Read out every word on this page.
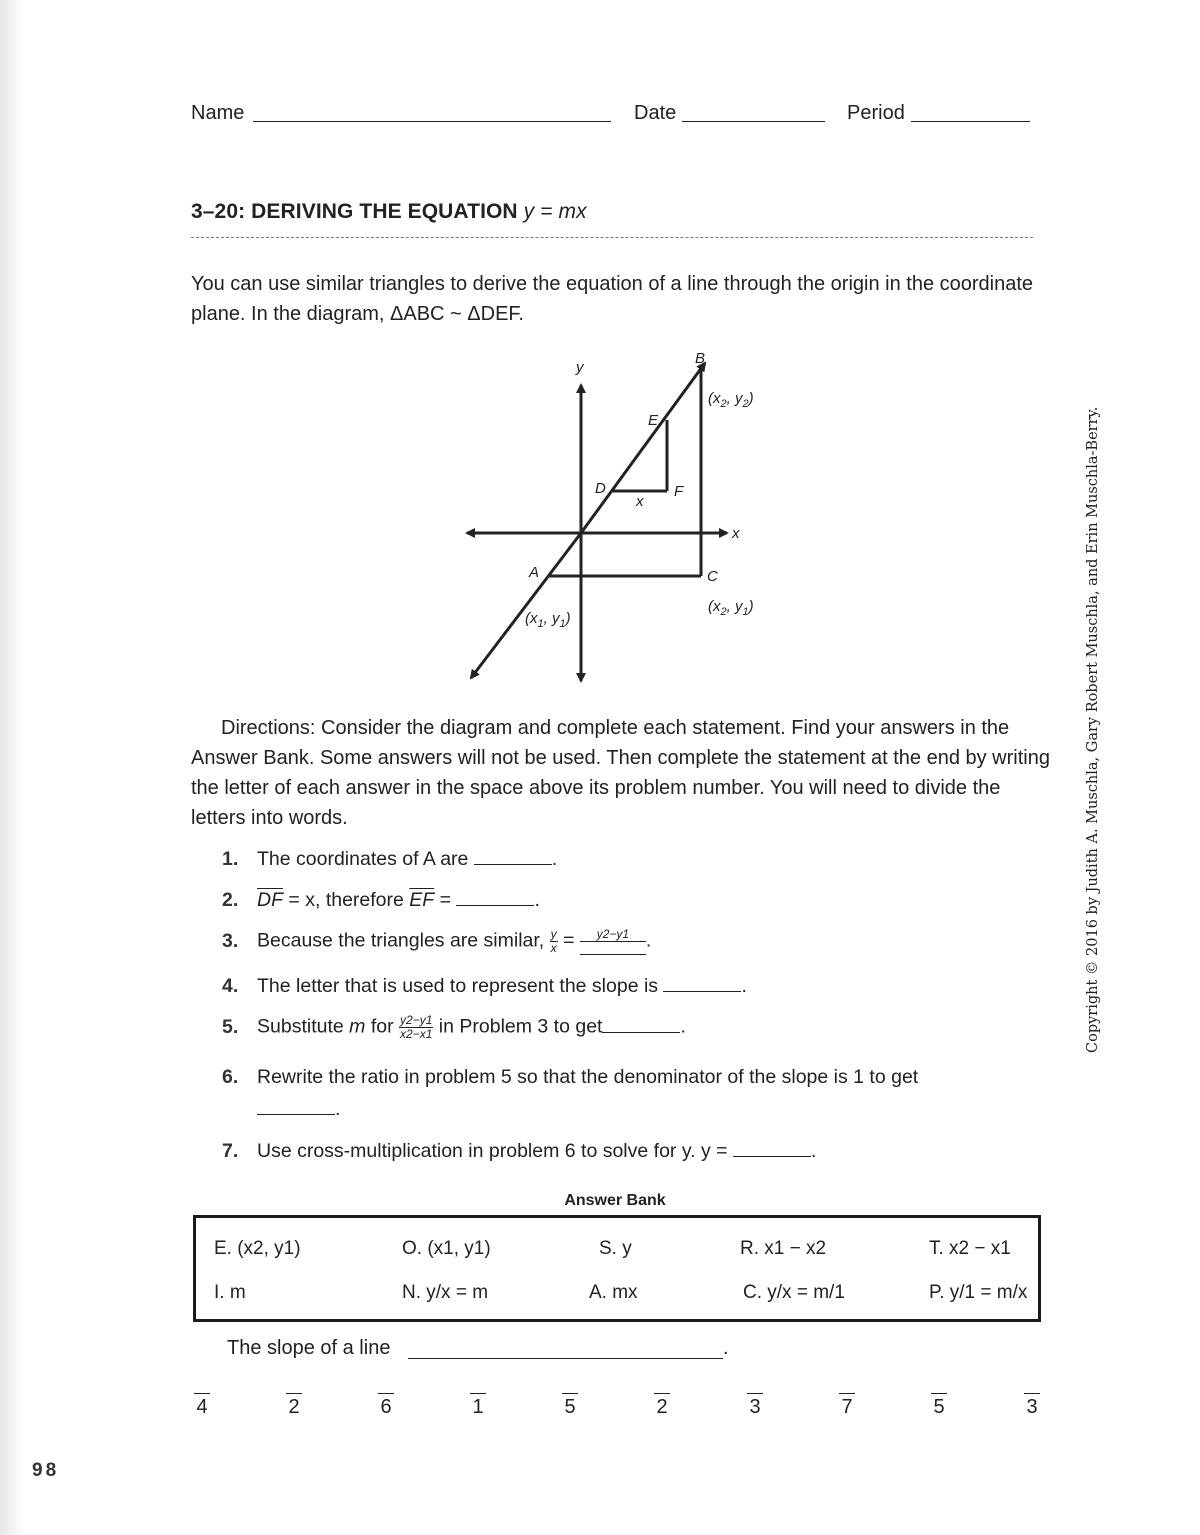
Name	Date	Period
3–20: DERIVING THE EQUATION y = mx
You can use similar triangles to derive the equation of a line through the origin in the coordinate plane. In the diagram, ΔABC ~ ΔDEF.
y
x
B
E
D	F
x
A	C
($x_2$, $y_2$)
($x_2$, $y_1$)
($x_1$, $y_1$)
Directions: Consider the diagram and complete each statement. Find your answers in the Answer Bank. Some answers will not be used. Then complete the statement at the end by writing the letter of each answer in the space above its problem number. You will need to divide the letters into words.
1. The coordinates of A are	.
2. $\overline{DF} = x$, therefore $\overline{EF}$ =	.
3. Because the triangles are similar, $\frac{y}{x}$ =	y2−y1 .
4. The letter that is used to represent the slope is	.
5. Substitute m for $\frac{y2-y1}{x2-x1}$ in Problem 3 to get	.
6. Rewrite the ratio in problem 5 so that the denominator of the slope is 1 to get
.
7. Use cross-multiplication in problem 6 to solve for y. y =	.
Answer Bank
E. (x2, y1)	O. (x1, y1)	S. y	R. x1 − x2	T. x2 − x1
I. m	N. y/x = m	A. mx	C. y/x = m/1	P. y/1 = m/x
The slope of a line	.
4	2	6	1	5	2	3	7	5	3
98
Copyright © 2016 by Judith A. Muschla, Gary Robert Muschla, and Erin Muschla-Berry.
